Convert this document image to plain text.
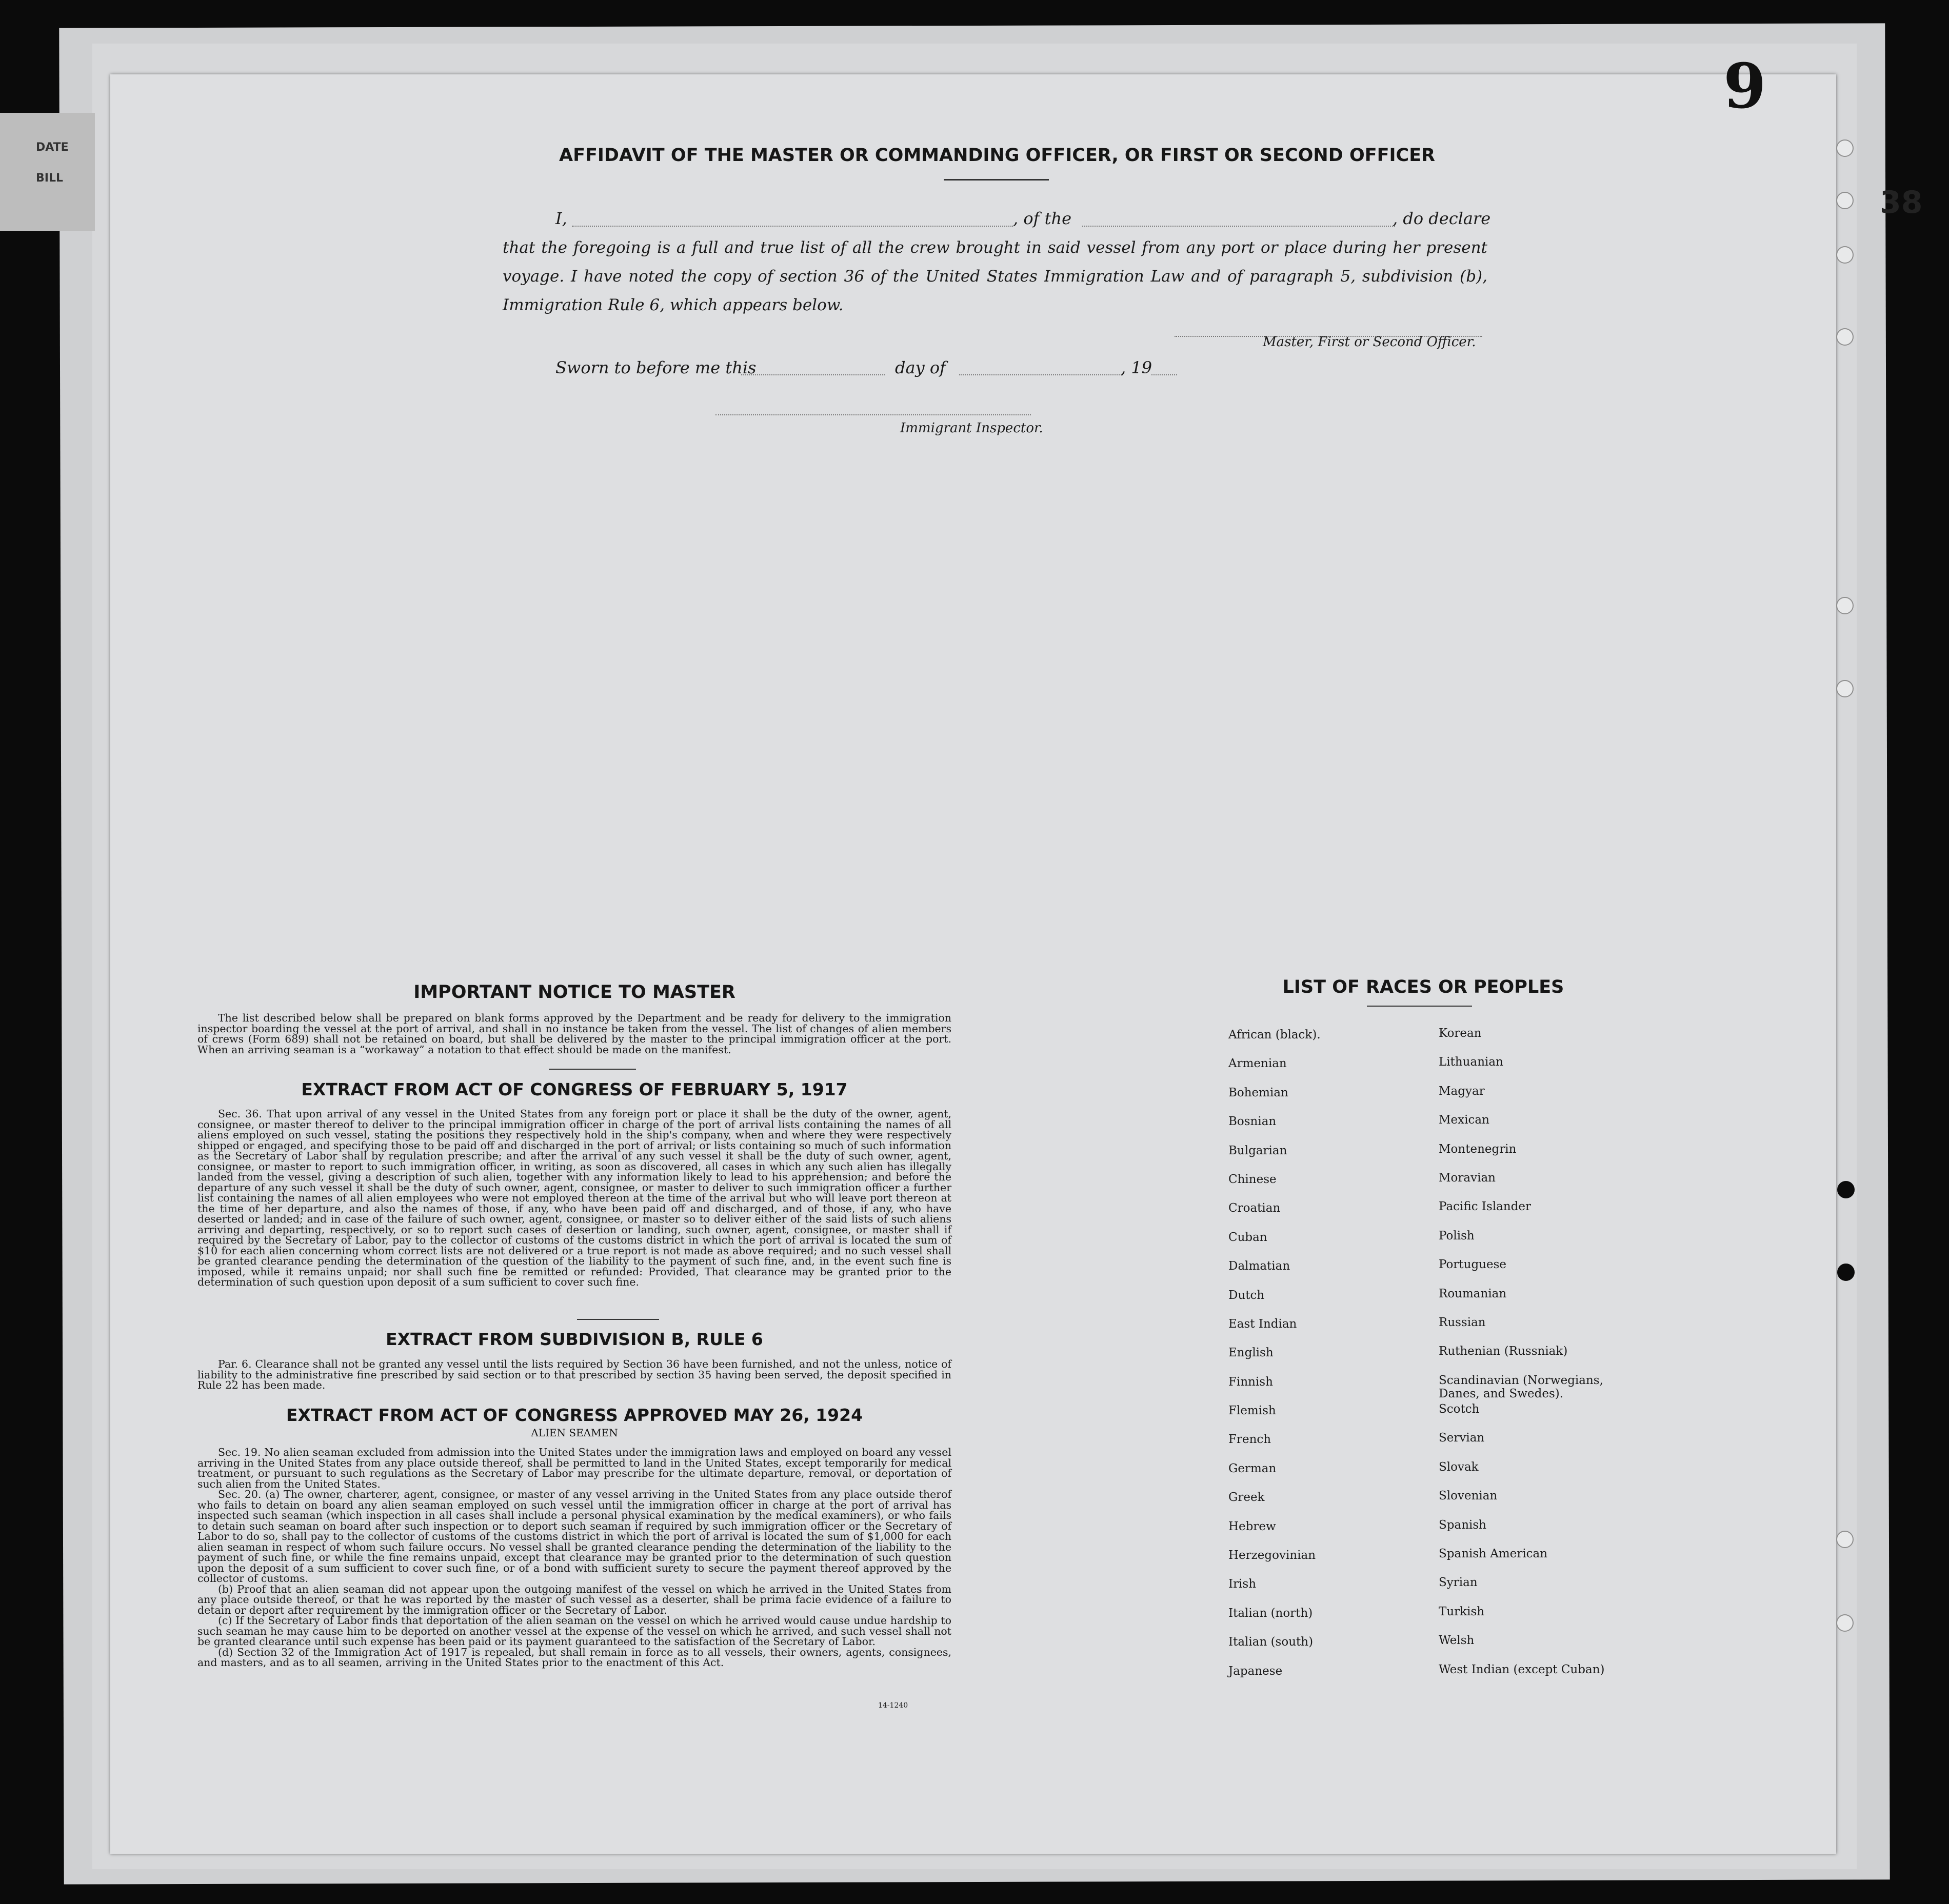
DATE
BILL
9
38
AFFIDAVIT OF THE MASTER OR COMMANDING OFFICER, OR FIRST OR SECOND OFFICER
I,	, of the	, do declare
that the foregoing is a full and true list of all the crew brought in said vessel from any port or place during her present voyage. I have noted the copy of section 36 of the United States Immigration Law and of paragraph 5, subdivision (b), Immigration Rule 6, which appears below.
Master, First or Second Officer.
Sworn to before me this	day of	, 19
Immigrant Inspector.
IMPORTANT NOTICE TO MASTER

The list described below shall be prepared on blank forms approved by the Department and be ready for delivery to the immigration inspector boarding the vessel at the port of arrival, and shall in no instance be taken from the vessel. The list of changes of alien members of crews (Form 689) shall not be retained on board, but shall be delivered by the master to the principal immigration officer at the port. When an arriving seaman is a “workaway” a notation to that effect should be made on the manifest.

EXTRACT FROM ACT OF CONGRESS OF FEBRUARY 5, 1917

Sec. 36. That upon arrival of any vessel in the United States from any foreign port or place it shall be the duty of the owner, agent, consignee, or master thereof to deliver to the principal immigration officer in charge of the port of arrival lists containing the names of all aliens employed on such vessel, stating the positions they respectively hold in the ship's company, when and where they were respectively shipped or engaged, and specifying those to be paid off and discharged in the port of arrival; or lists containing so much of such information as the Secretary of Labor shall by regulation prescribe; and after the arrival of any such vessel it shall be the duty of such owner, agent, consignee, or master to report to such immigration officer, in writing, as soon as discovered, all cases in which any such alien has illegally landed from the vessel, giving a description of such alien, together with any information likely to lead to his apprehension; and before the departure of any such vessel it shall be the duty of such owner, agent, consignee, or master to deliver to such immigration officer a further list containing the names of all alien employees who were not employed thereon at the time of the arrival but who will leave port thereon at the time of her departure, and also the names of those, if any, who have been paid off and discharged, and of those, if any, who have deserted or landed; and in case of the failure of such owner, agent, consignee, or master so to deliver either of the said lists of such aliens arriving and departing, respectively, or so to report such cases of desertion or landing, such owner, agent, consignee, or master shall if required by the Secretary of Labor, pay to the collector of customs of the customs district in which the port of arrival is located the sum of $10 for each alien concerning whom correct lists are not delivered or a true report is not made as above required; and no such vessel shall be granted clearance pending the determination of the question of the liability to the payment of such fine, and, in the event such fine is imposed, while it remains unpaid; nor shall such fine be remitted or refunded: Provided, That clearance may be granted prior to the determination of such question upon deposit of a sum sufficient to cover such fine.

EXTRACT FROM SUBDIVISION B, RULE 6

Par. 6. Clearance shall not be granted any vessel until the lists required by Section 36 have been furnished, and not the unless, notice of liability to the administrative fine prescribed by said section or to that prescribed by section 35 having been served, the deposit specified in Rule 22 has been made.

EXTRACT FROM ACT OF CONGRESS APPROVED MAY 26, 1924
ALIEN SEAMEN

Sec. 19. No alien seaman excluded from admission into the United States under the immigration laws and employed on board any vessel arriving in the United States from any place outside thereof, shall be permitted to land in the United States, except temporarily for medical treatment, or pursuant to such regulations as the Secretary of Labor may prescribe for the ultimate departure, removal, or deportation of such alien from the United States.

Sec. 20. (a) The owner, charterer, agent, consignee, or master of any vessel arriving in the United States from any place outside therof who fails to detain on board any alien seaman employed on such vessel until the immigration officer in charge at the port of arrival has inspected such seaman (which inspection in all cases shall include a personal physical examination by the medical examiners), or who fails to detain such seaman on board after such inspection or to deport such seaman if required by such immigration officer or the Secretary of Labor to do so, shall pay to the collector of customs of the customs district in which the port of arrival is located the sum of $1,000 for each alien seaman in respect of whom such failure occurs. No vessel shall be granted clearance pending the determination of the liability to the payment of such fine, or while the fine remains unpaid, except that clearance may be granted prior to the determination of such question upon the deposit of a sum sufficient to cover such fine, or of a bond with sufficient surety to secure the payment thereof approved by the collector of customs.

(b) Proof that an alien seaman did not appear upon the outgoing manifest of the vessel on which he arrived in the United States from any place outside thereof, or that he was reported by the master of such vessel as a deserter, shall be prima facie evidence of a failure to detain or deport after requirement by the immigration officer or the Secretary of Labor.

(c) If the Secretary of Labor finds that deportation of the alien seaman on the vessel on which he arrived would cause undue hardship to such seaman he may cause him to be deported on another vessel at the expense of the vessel on which he arrived, and such vessel shall not be granted clearance until such expense has been paid or its payment guaranteed to the satisfaction of the Secretary of Labor.

(d) Section 32 of the Immigration Act of 1917 is repealed, but shall remain in force as to all vessels, their owners, agents, consignees, and masters, and as to all seamen, arriving in the United States prior to the enactment of this Act.

14-1240
LIST OF RACES OR PEOPLES
African (black).
Armenian
Bohemian
Bosnian
Bulgarian
Chinese
Croatian
Cuban
Dalmatian
Dutch
East Indian
English
Finnish
Flemish
French
German
Greek
Hebrew
Herzegovinian
Irish
Italian (north)
Italian (south)
Japanese
Korean
Lithuanian
Magyar
Mexican
Montenegrin
Moravian
Pacific Islander
Polish
Portuguese
Roumanian
Russian
Ruthenian (Russniak)
Scandinavian (Norwegians, Danes, and Swedes).
Scotch
Servian
Slovak
Slovenian
Spanish
Spanish American
Syrian
Turkish
Welsh
West Indian (except Cuban)
